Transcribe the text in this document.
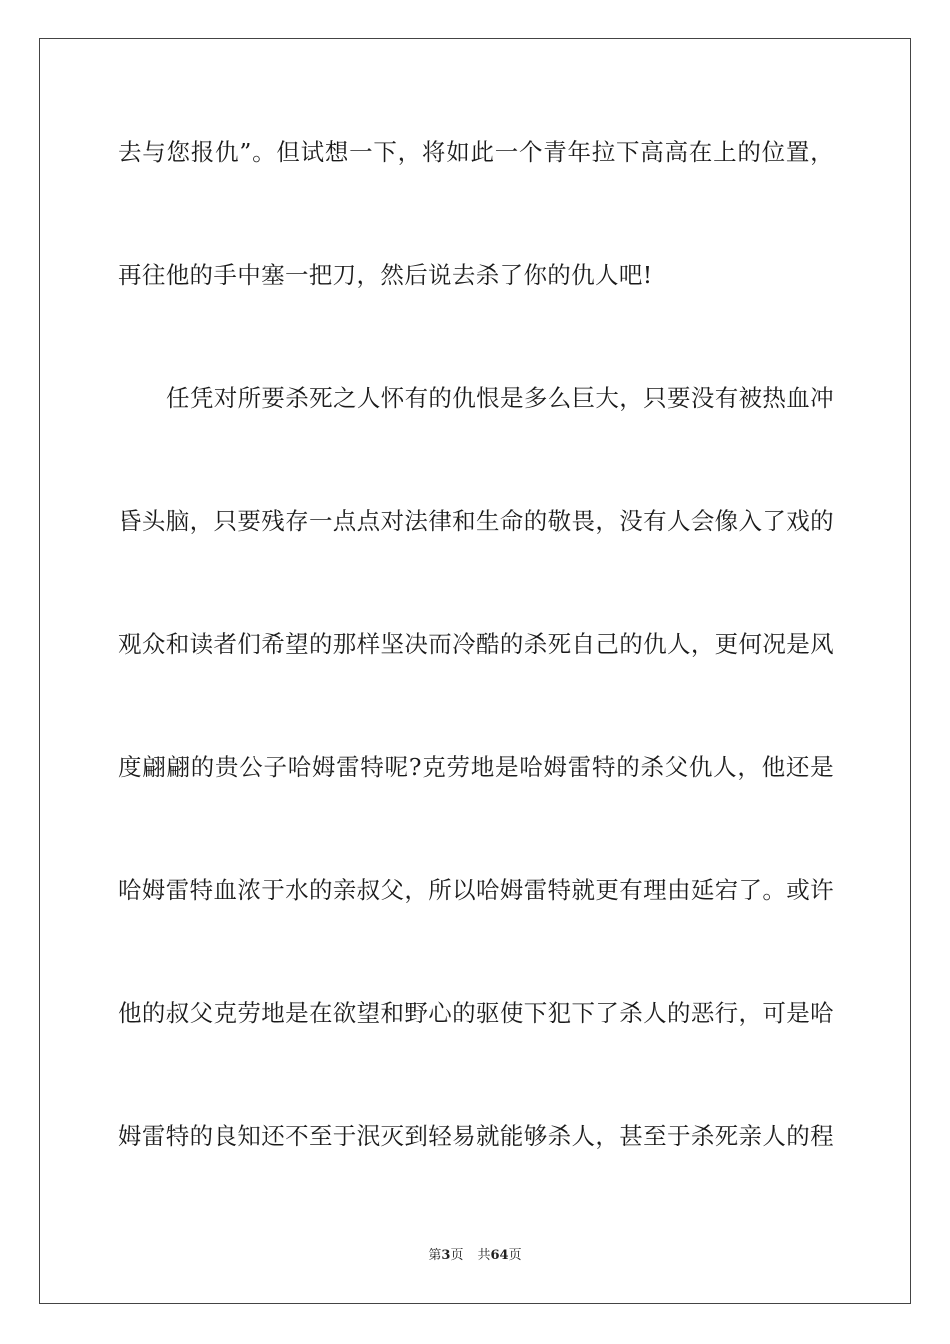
去与您报仇”。但试想一下，将如此一个青年拉下高高在上的位置，
再往他的手中塞一把刀，然后说去杀了你的仇人吧!
任凭对所要杀死之人怀有的仇恨是多么巨大，只要没有被热血冲
昏头脑，只要残存一点点对法律和生命的敬畏，没有人会像入了戏的
观众和读者们希望的那样坚决而冷酷的杀死自己的仇人，更何况是风
度翩翩的贵公子哈姆雷特呢?克劳地是哈姆雷特的杀父仇人，他还是
哈姆雷特血浓于水的亲叔父，所以哈姆雷特就更有理由延宕了。或许
他的叔父克劳地是在欲望和野心的驱使下犯下了杀人的恶行，可是哈
姆雷特的良知还不至于泯灭到轻易就能够杀人，甚至于杀死亲人的程
第3页 共64页
